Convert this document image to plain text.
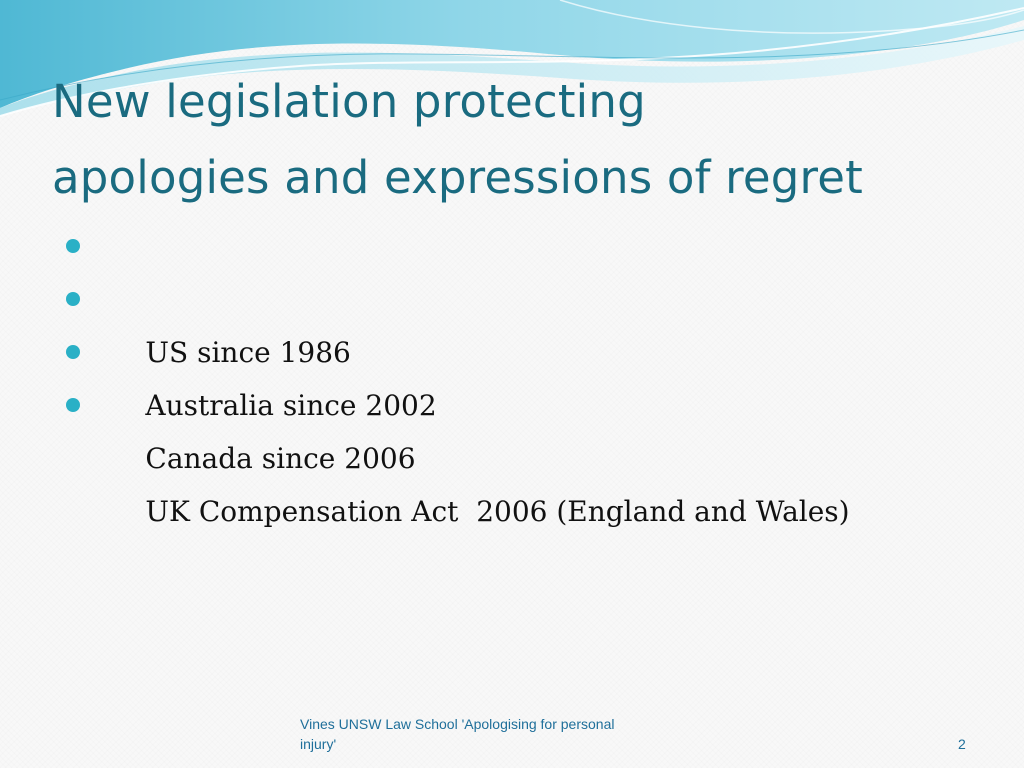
New legislation protecting
apologies and expressions of regret

US since 1986

Australia since 2002

Canada since 2006

UK Compensation Act  2006 (England and Wales)

Vines UNSW Law School 'Apologising for personal injury'	2
